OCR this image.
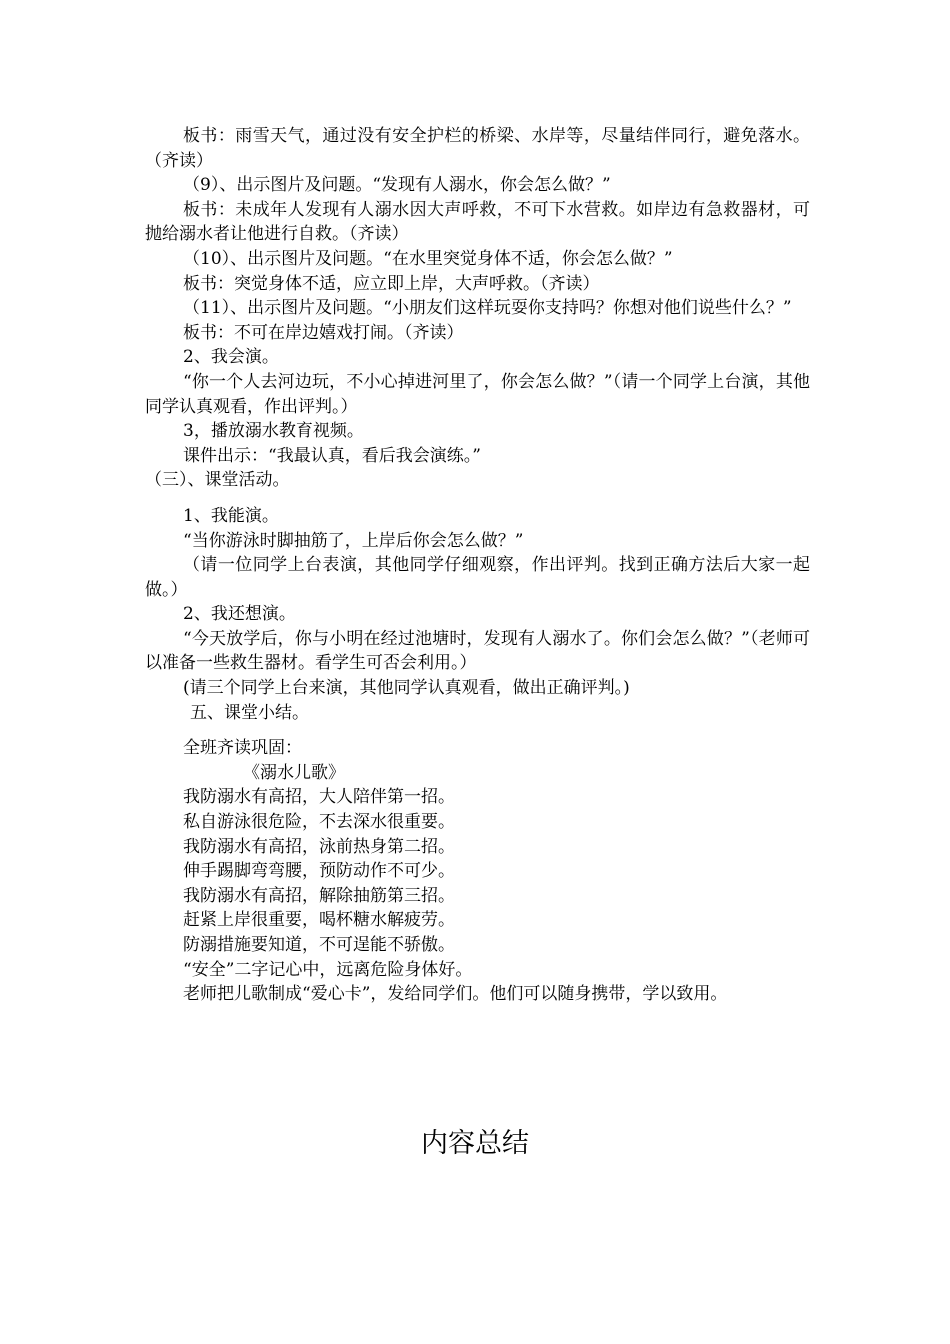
板书：雨雪天气，通过没有安全护栏的桥梁、水岸等，尽量结伴同行，避免落水。（齐读）

（9）、出示图片及问题。“发现有人溺水，你会怎么做？”

板书：未成年人发现有人溺水因大声呼救，不可下水营救。如岸边有急救器材，可抛给溺水者让他进行自救。（齐读）

（10）、出示图片及问题。“在水里突觉身体不适，你会怎么做？”

板书：突觉身体不适，应立即上岸，大声呼救。（齐读）

（11）、出示图片及问题。“小朋友们这样玩耍你支持吗？你想对他们说些什么？”

板书：不可在岸边嬉戏打闹。（齐读）

2、我会演。

“你一个人去河边玩，不小心掉进河里了，你会怎么做？”（请一个同学上台演，其他同学认真观看，作出评判。）

3，播放溺水教育视频。

课件出示：“我最认真，看后我会演练。”

（三）、课堂活动。

1、我能演。

“当你游泳时脚抽筋了，上岸后你会怎么做？”

（请一位同学上台表演，其他同学仔细观察，作出评判。找到正确方法后大家一起做。）

2、我还想演。

“今天放学后，你与小明在经过池塘时，发现有人溺水了。你们会怎么做？”（老师可以准备一些救生器材。看学生可否会利用。）

(请三个同学上台来演，其他同学认真观看，做出正确评判。)

五、课堂小结。

全班齐读巩固：

《溺水儿歌》

我防溺水有高招，大人陪伴第一招。

私自游泳很危险，不去深水很重要。

我防溺水有高招，泳前热身第二招。

伸手踢脚弯弯腰，预防动作不可少。

我防溺水有高招，解除抽筋第三招。

赶紧上岸很重要，喝杯糖水解疲劳。

防溺措施要知道，不可逞能不骄傲。

“安全”二字记心中，远离危险身体好。

老师把儿歌制成“爱心卡”，发给同学们。他们可以随身携带，学以致用。

内容总结
